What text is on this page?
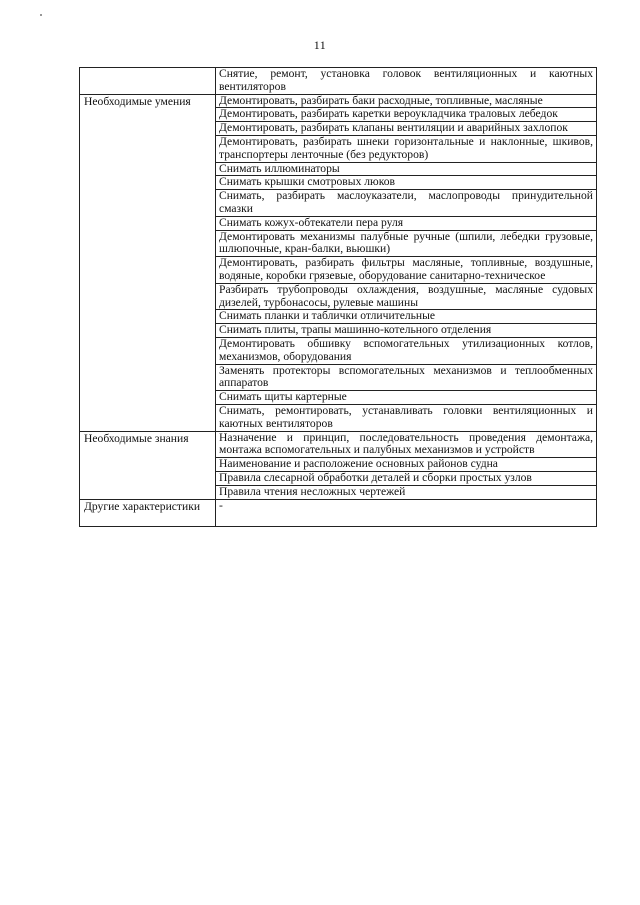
11
	Снятие, ремонт, установка головок вентиляционных и каютных вентиляторов
Необходимые умения	Демонтировать, разбирать баки расходные, топливные, масляные
	Демонтировать, разбирать каретки вероукладчика траловых лебедок
	Демонтировать, разбирать клапаны вентиляции и аварийных захлопок
	Демонтировать, разбирать шнеки горизонтальные и наклонные, шкивов, транспортеры ленточные (без редукторов)
	Снимать иллюминаторы
	Снимать крышки смотровых люков
	Снимать, разбирать маслоуказатели, маслопроводы принудительной смазки
	Снимать кожух-обтекатели пера руля
	Демонтировать механизмы палубные ручные (шпили, лебедки грузовые, шлюпочные, кран-балки, вьюшки)
	Демонтировать, разбирать фильтры масляные, топливные, воздушные, водяные, коробки грязевые, оборудование санитарно-техническое
	Разбирать трубопроводы охлаждения, воздушные, масляные судовых дизелей, турбонасосы, рулевые машины
	Снимать планки и таблички отличительные
	Снимать плиты, трапы машинно-котельного отделения
	Демонтировать обшивку вспомогательных утилизационных котлов, механизмов, оборудования
	Заменять протекторы вспомогательных механизмов и теплообменных аппаратов
	Снимать щиты картерные
	Снимать, ремонтировать, устанавливать головки вентиляционных и каютных вентиляторов
Необходимые знания	Назначение и принцип, последовательность проведения демонтажа, монтажа вспомогательных и палубных механизмов и устройств
	Наименование и расположение основных районов судна
	Правила слесарной обработки деталей и сборки простых узлов
	Правила чтения несложных чертежей
Другие характеристики	-
